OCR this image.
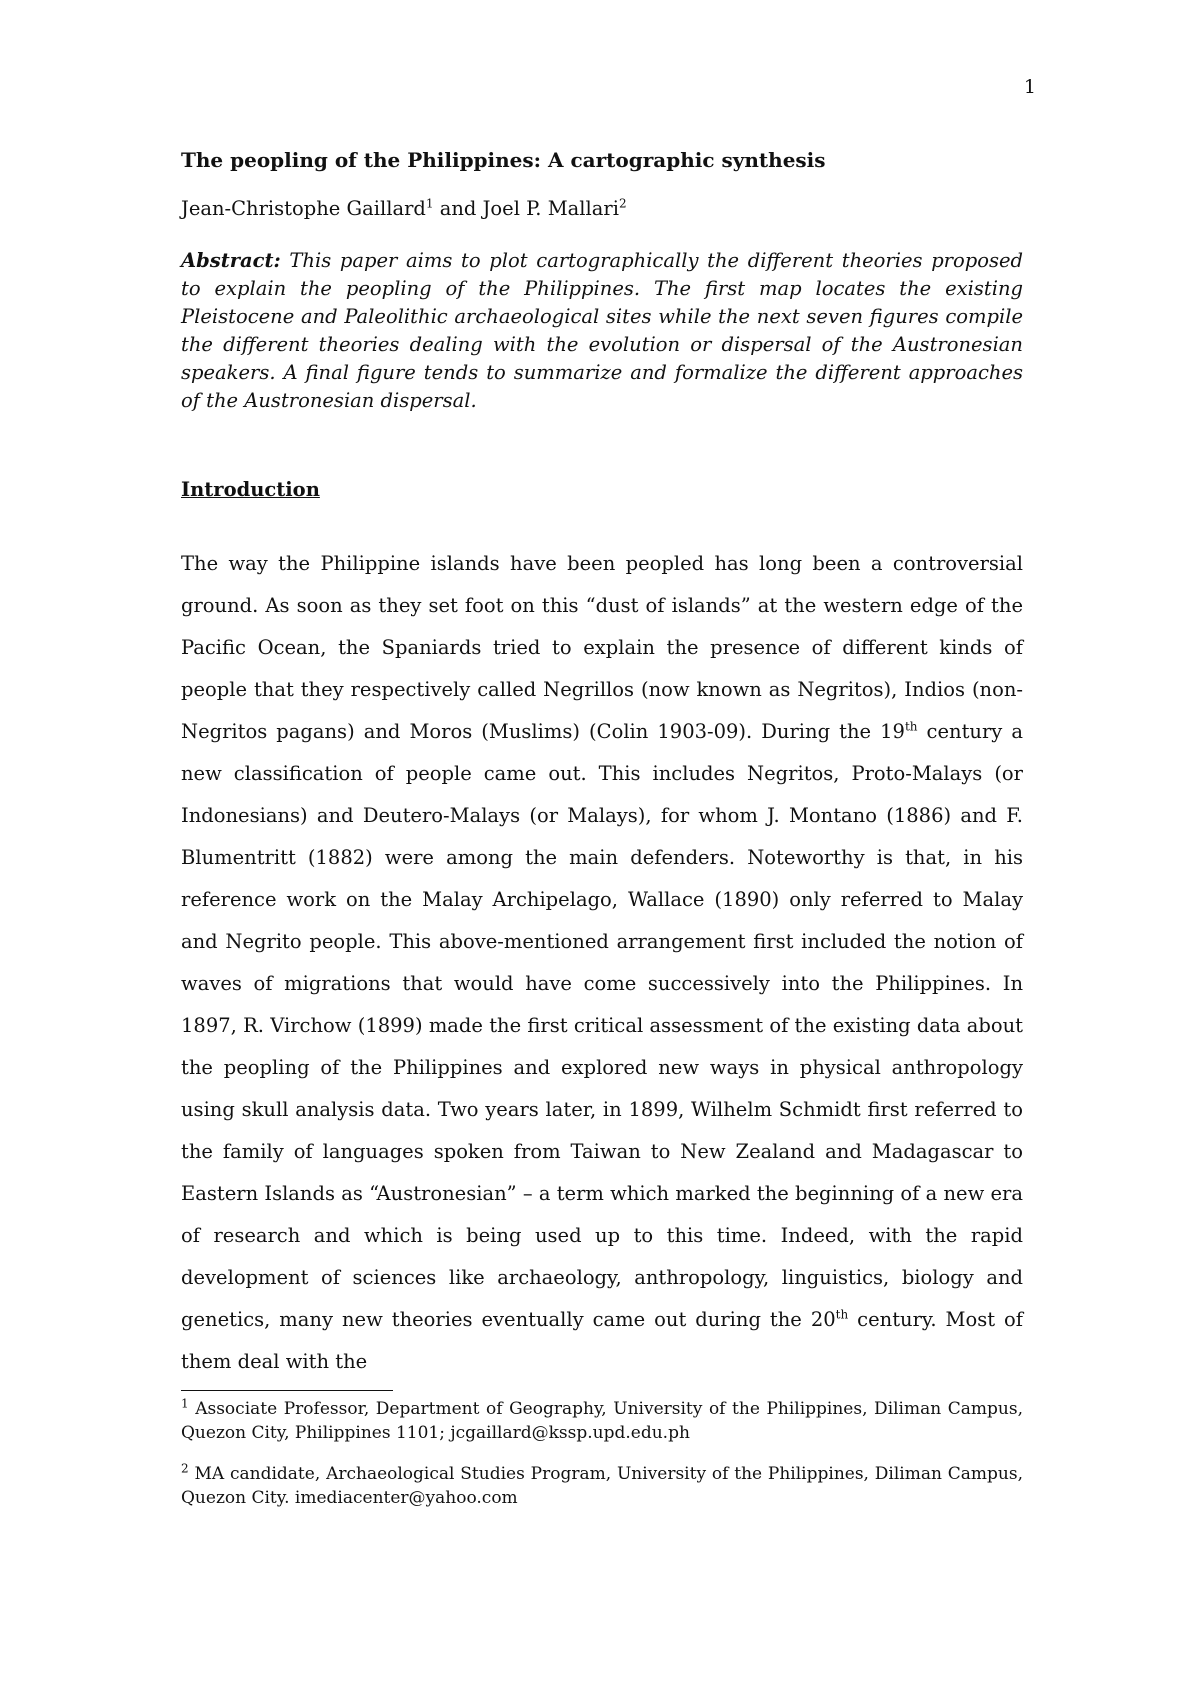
1
The peopling of the Philippines: A cartographic synthesis

Jean-Christophe Gaillard$^1$ and Joel P. Mallari$^2$

Abstract: This paper aims to plot cartographically the different theories proposed to explain the peopling of the Philippines. The first map locates the existing Pleistocene and Paleolithic archaeological sites while the next seven figures compile the different theories dealing with the evolution or dispersal of the Austronesian speakers. A final figure tends to summarize and formalize the different approaches of the Austronesian dispersal.

Introduction

The way the Philippine islands have been peopled has long been a controversial ground. As soon as they set foot on this “dust of islands” at the western edge of the Pacific Ocean, the Spaniards tried to explain the presence of different kinds of people that they respectively called Negrillos (now known as Negritos), Indios (non-Negritos pagans) and Moros (Muslims) (Colin 1903-09). During the 19th century a new classification of people came out. This includes Negritos, Proto-Malays (or Indonesians) and Deutero-Malays (or Malays), for whom J. Montano (1886) and F. Blumentritt (1882) were among the main defenders. Noteworthy is that, in his reference work on the Malay Archipelago, Wallace (1890) only referred to Malay and Negrito people. This above-mentioned arrangement first included the notion of waves of migrations that would have come successively into the Philippines. In 1897, R. Virchow (1899) made the first critical assessment of the existing data about the peopling of the Philippines and explored new ways in physical anthropology using skull analysis data. Two years later, in 1899, Wilhelm Schmidt first referred to the family of languages spoken from Taiwan to New Zealand and Madagascar to Eastern Islands as “Austronesian” – a term which marked the beginning of a new era of research and which is being used up to this time. Indeed, with the rapid development of sciences like archaeology, anthropology, linguistics, biology and genetics, many new theories eventually came out during the 20th century. Most of them deal with the

$^1$ Associate Professor, Department of Geography, University of the Philippines, Diliman Campus, Quezon City, Philippines 1101; jcgaillard@kssp.upd.edu.ph

$^2$ MA candidate, Archaeological Studies Program, University of the Philippines, Diliman Campus, Quezon City. imediacenter@yahoo.com
